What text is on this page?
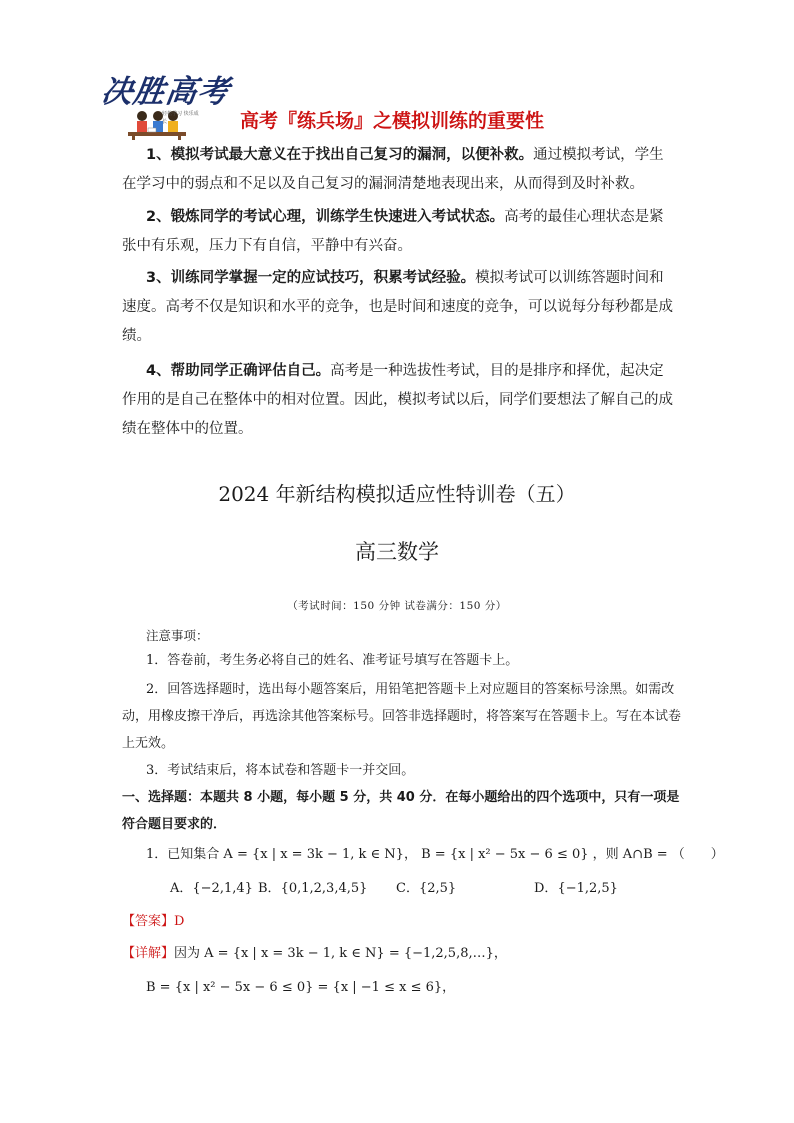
决胜高考
轻松学习 快乐成长	高考『练兵场』之模拟训练的重要性

1、模拟考试最大意义在于找出自己复习的漏洞，以便补救。通过模拟考试，学生在学习中的弱点和不足以及自己复习的漏洞清楚地表现出来，从而得到及时补救。

2、锻炼同学的考试心理，训练学生快速进入考试状态。高考的最佳心理状态是紧张中有乐观，压力下有自信，平静中有兴奋。

3、训练同学掌握一定的应试技巧，积累考试经验。模拟考试可以训练答题时间和速度。高考不仅是知识和水平的竞争，也是时间和速度的竞争，可以说每分每秒都是成绩。

4、帮助同学正确评估自己。高考是一种选拔性考试，目的是排序和择优，起决定作用的是自己在整体中的相对位置。因此，模拟考试以后，同学们要想法了解自己的成绩在整体中的位置。

2024 年新结构模拟适应性特训卷（五）
高三数学
（考试时间：150 分钟 试卷满分：150 分）
注意事项：

1．答卷前，考生务必将自己的姓名、准考证号填写在答题卡上。

2．回答选择题时，选出每小题答案后，用铅笔把答题卡上对应题目的答案标号涂黑。如需改动，用橡皮擦干净后，再选涂其他答案标号。回答非选择题时，将答案写在答题卡上。写在本试卷上无效。

3．考试结束后，将本试卷和答题卡一并交回。

一、选择题：本题共 8 小题，每小题 5 分，共 40 分．在每小题给出的四个选项中，只有一项是符合题目要求的．

1．已知集合 A = {x | x = 3k − 1, k ∈ N}， B = {x | x² − 5x − 6 ≤ 0} ，则 A∩B = （　　）
A．{−2,1,4} B．{0,1,2,3,4,5} C．{2,5}	D．{−1,2,5}
【答案】D
【详解】因为 A = {x | x = 3k − 1, k ∈ N} = {−1,2,5,8,…}，
B = {x | x² − 5x − 6 ≤ 0} = {x | −1 ≤ x ≤ 6}，
